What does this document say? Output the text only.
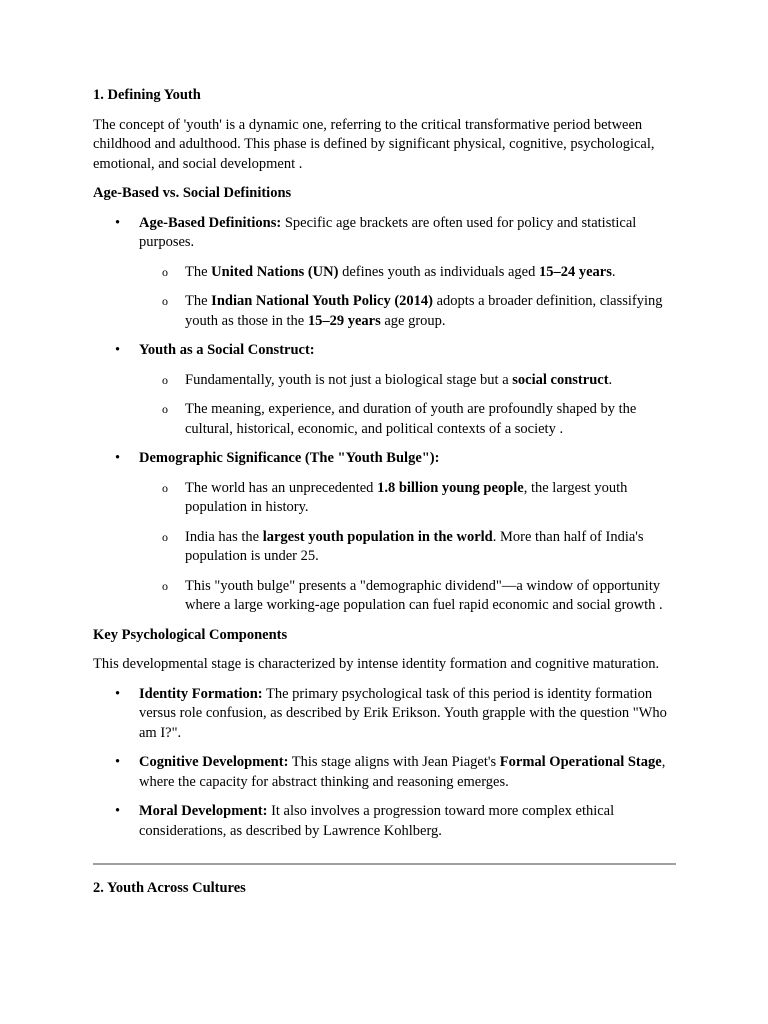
1. Defining Youth

The concept of 'youth' is a dynamic one, referring to the critical transformative period between childhood and adulthood. This phase is defined by significant physical, cognitive, psychological, emotional, and social development .

Age-Based vs. Social Definitions
• Age-Based Definitions: Specific age brackets are often used for policy and statistical purposes.
o The United Nations (UN) defines youth as individuals aged 15–24 years.
o The Indian National Youth Policy (2014) adopts a broader definition, classifying youth as those in the 15–29 years age group.
• Youth as a Social Construct:
o Fundamentally, youth is not just a biological stage but a social construct.
o The meaning, experience, and duration of youth are profoundly shaped by the cultural, historical, economic, and political contexts of a society .
• Demographic Significance (The "Youth Bulge"):
o The world has an unprecedented 1.8 billion young people, the largest youth population in history.
o India has the largest youth population in the world. More than half of India's population is under 25.
o This "youth bulge" presents a "demographic dividend"—a window of opportunity where a large working-age population can fuel rapid economic and social growth .
Key Psychological Components

This developmental stage is characterized by intense identity formation and cognitive maturation.

• Identity Formation: The primary psychological task of this period is identity formation versus role confusion, as described by Erik Erikson. Youth grapple with the question "Who am I?".
• Cognitive Development: This stage aligns with Jean Piaget's Formal Operational Stage, where the capacity for abstract thinking and reasoning emerges.
• Moral Development: It also involves a progression toward more complex ethical considerations, as described by Lawrence Kohlberg.
2. Youth Across Cultures
